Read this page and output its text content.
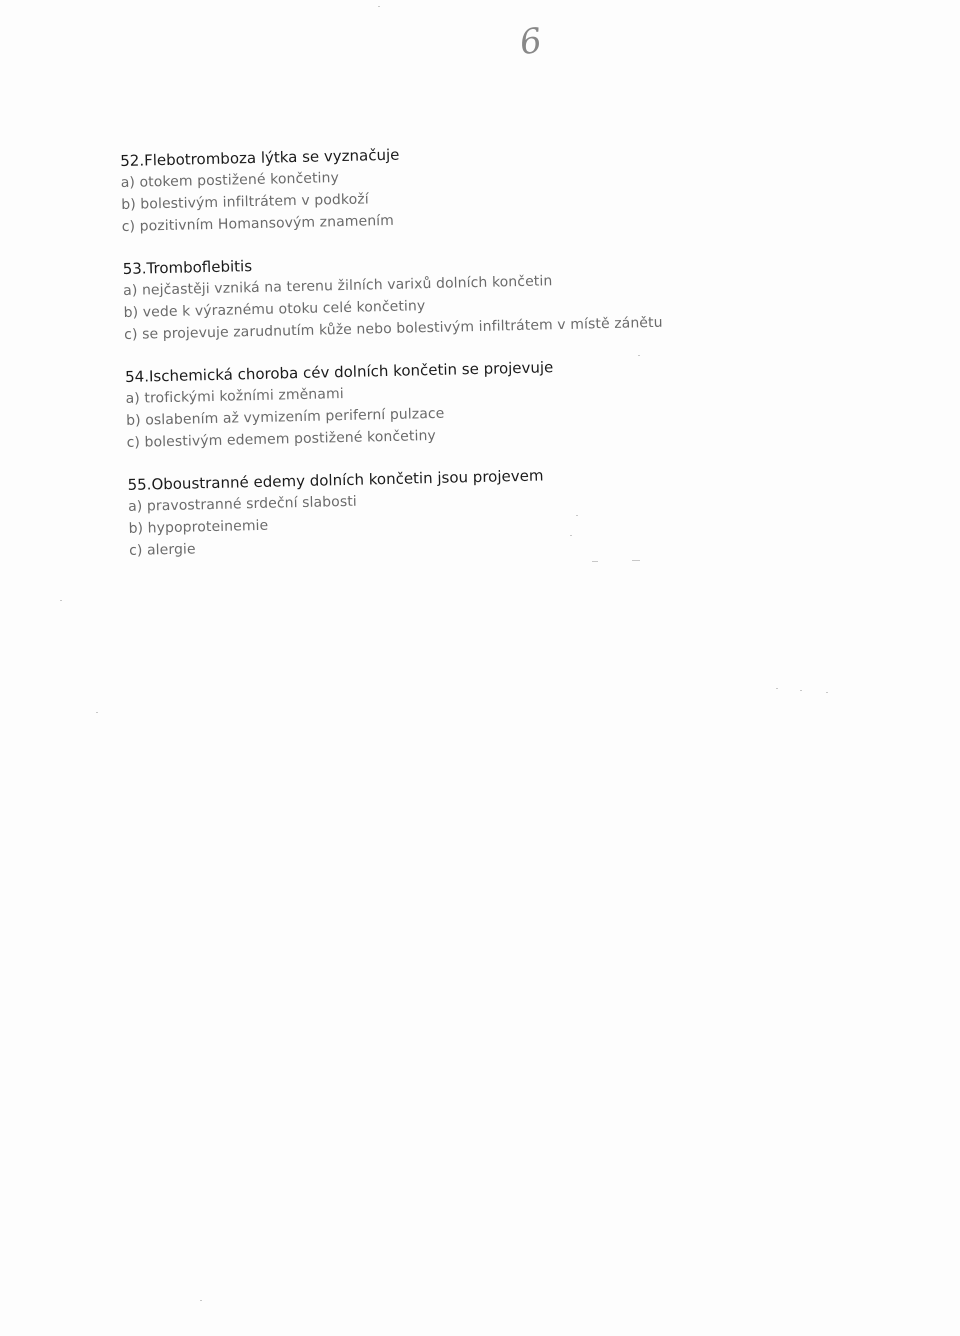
6
52.Flebotromboza lýtka se vyznačuje
a) otokem postižené končetiny
b) bolestivým infiltrátem v podkoží
c) pozitivním Homansovým znamením
53.Tromboflebitis
a) nejčastěji vzniká na terenu žilních varixů dolních končetin
b) vede k výraznému otoku celé končetiny
c) se projevuje zarudnutím kůže nebo bolestivým infiltrátem v místě zánětu
54.Ischemická choroba cév dolních končetin se projevuje
a) trofickými kožními změnami
b) oslabením až vymizením periferní pulzace
c) bolestivým edemem postižené končetiny
55.Oboustranné edemy dolních končetin jsou projevem
a) pravostranné srdeční slabosti
b) hypoproteinemie
c) alergie
